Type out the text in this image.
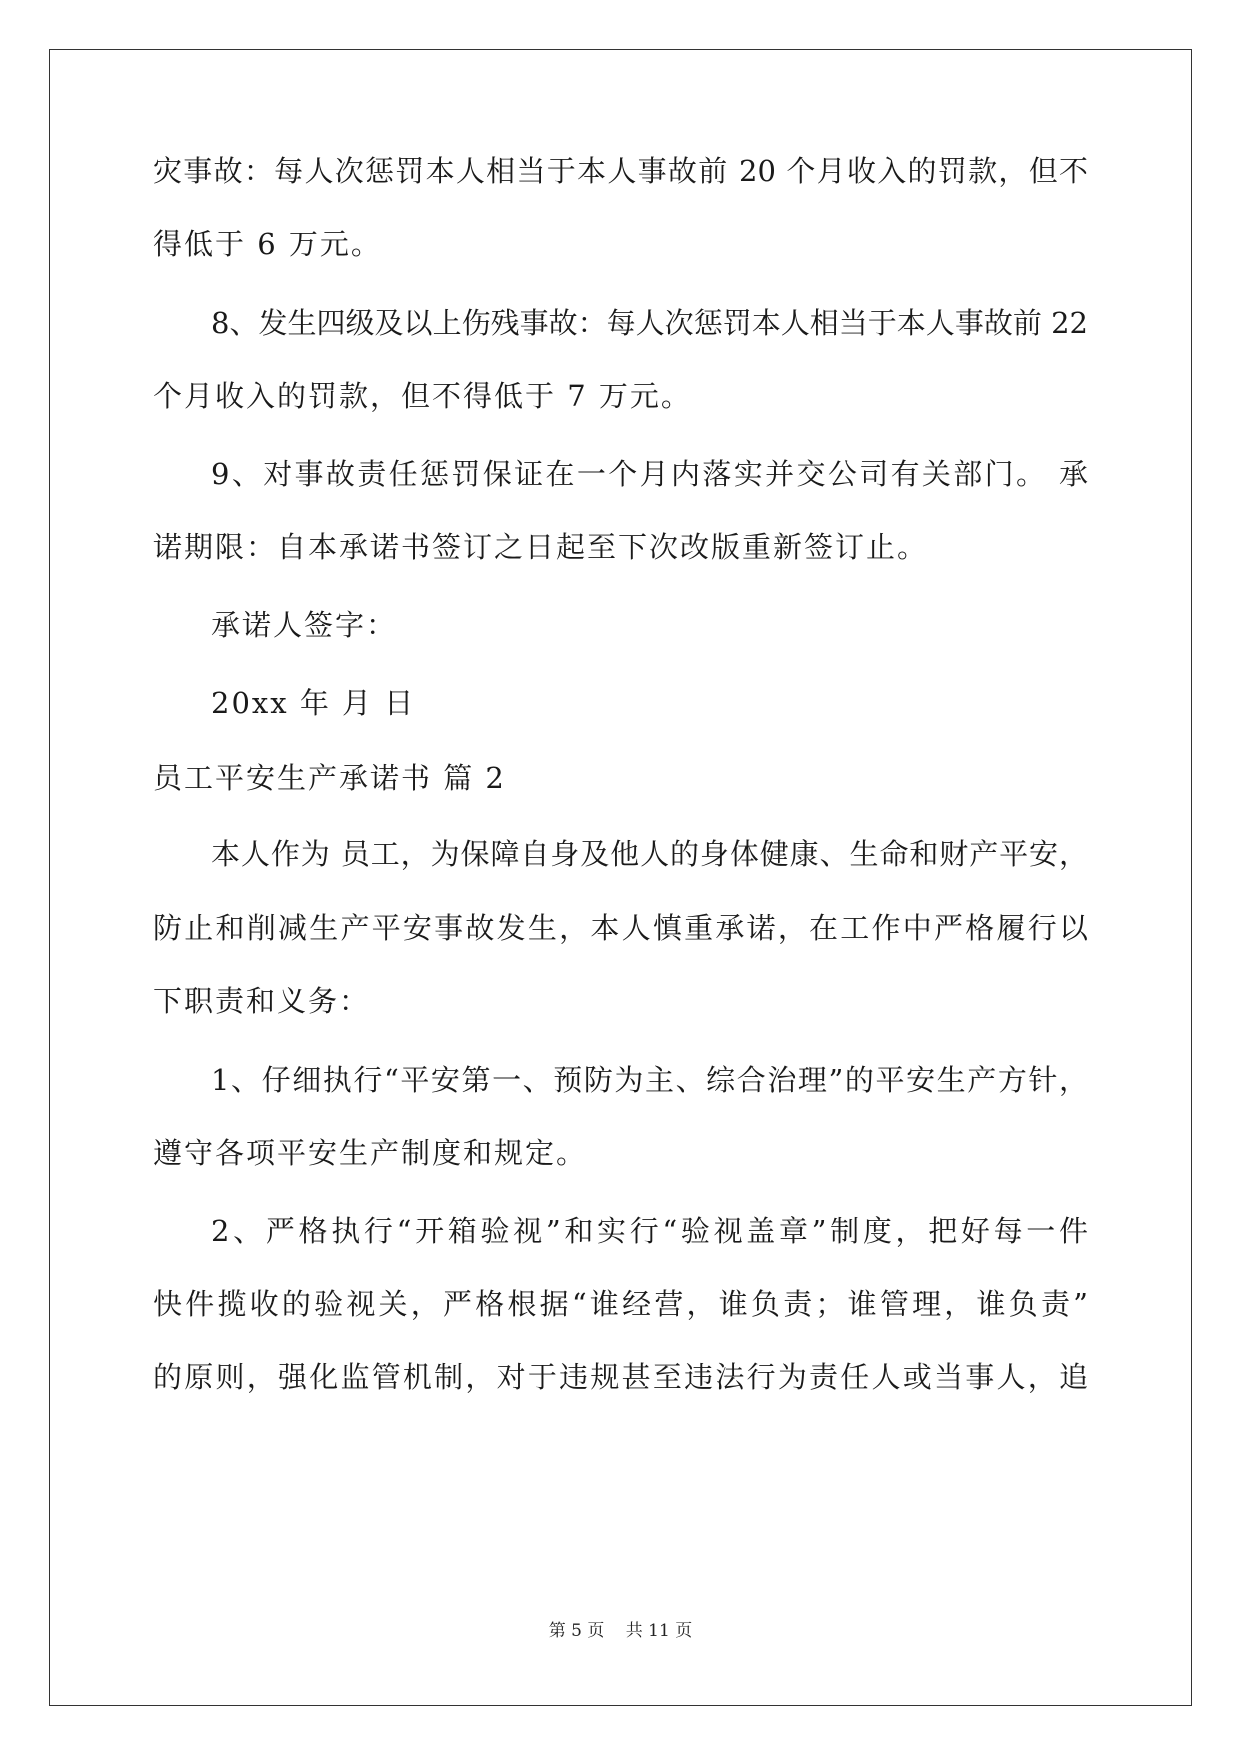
灾事故：每人次惩罚本人相当于本人事故前 20 个月收入的罚款，但不
得低于 6 万元。
8、发生四级及以上伤残事故：每人次惩罚本人相当于本人事故前 22
个月收入的罚款，但不得低于 7 万元。
9、对事故责任惩罚保证在一个月内落实并交公司有关部门。 承
诺期限：自本承诺书签订之日起至下次改版重新签订止。
承诺人签字：
20xx 年 月 日
员工平安生产承诺书 篇 2
本人作为 员工，为保障自身及他人的身体健康、生命和财产平安，
防止和削减生产平安事故发生，本人慎重承诺，在工作中严格履行以
下职责和义务：
1、仔细执行“平安第一、预防为主、综合治理”的平安生产方针，
遵守各项平安生产制度和规定。
2、严格执行“开箱验视”和实行“验视盖章”制度，把好每一件
快件揽收的验视关，严格根据“谁经营，谁负责；谁管理，谁负责”
的原则，强化监管机制，对于违规甚至违法行为责任人或当事人，追
第 5 页 共 11 页
